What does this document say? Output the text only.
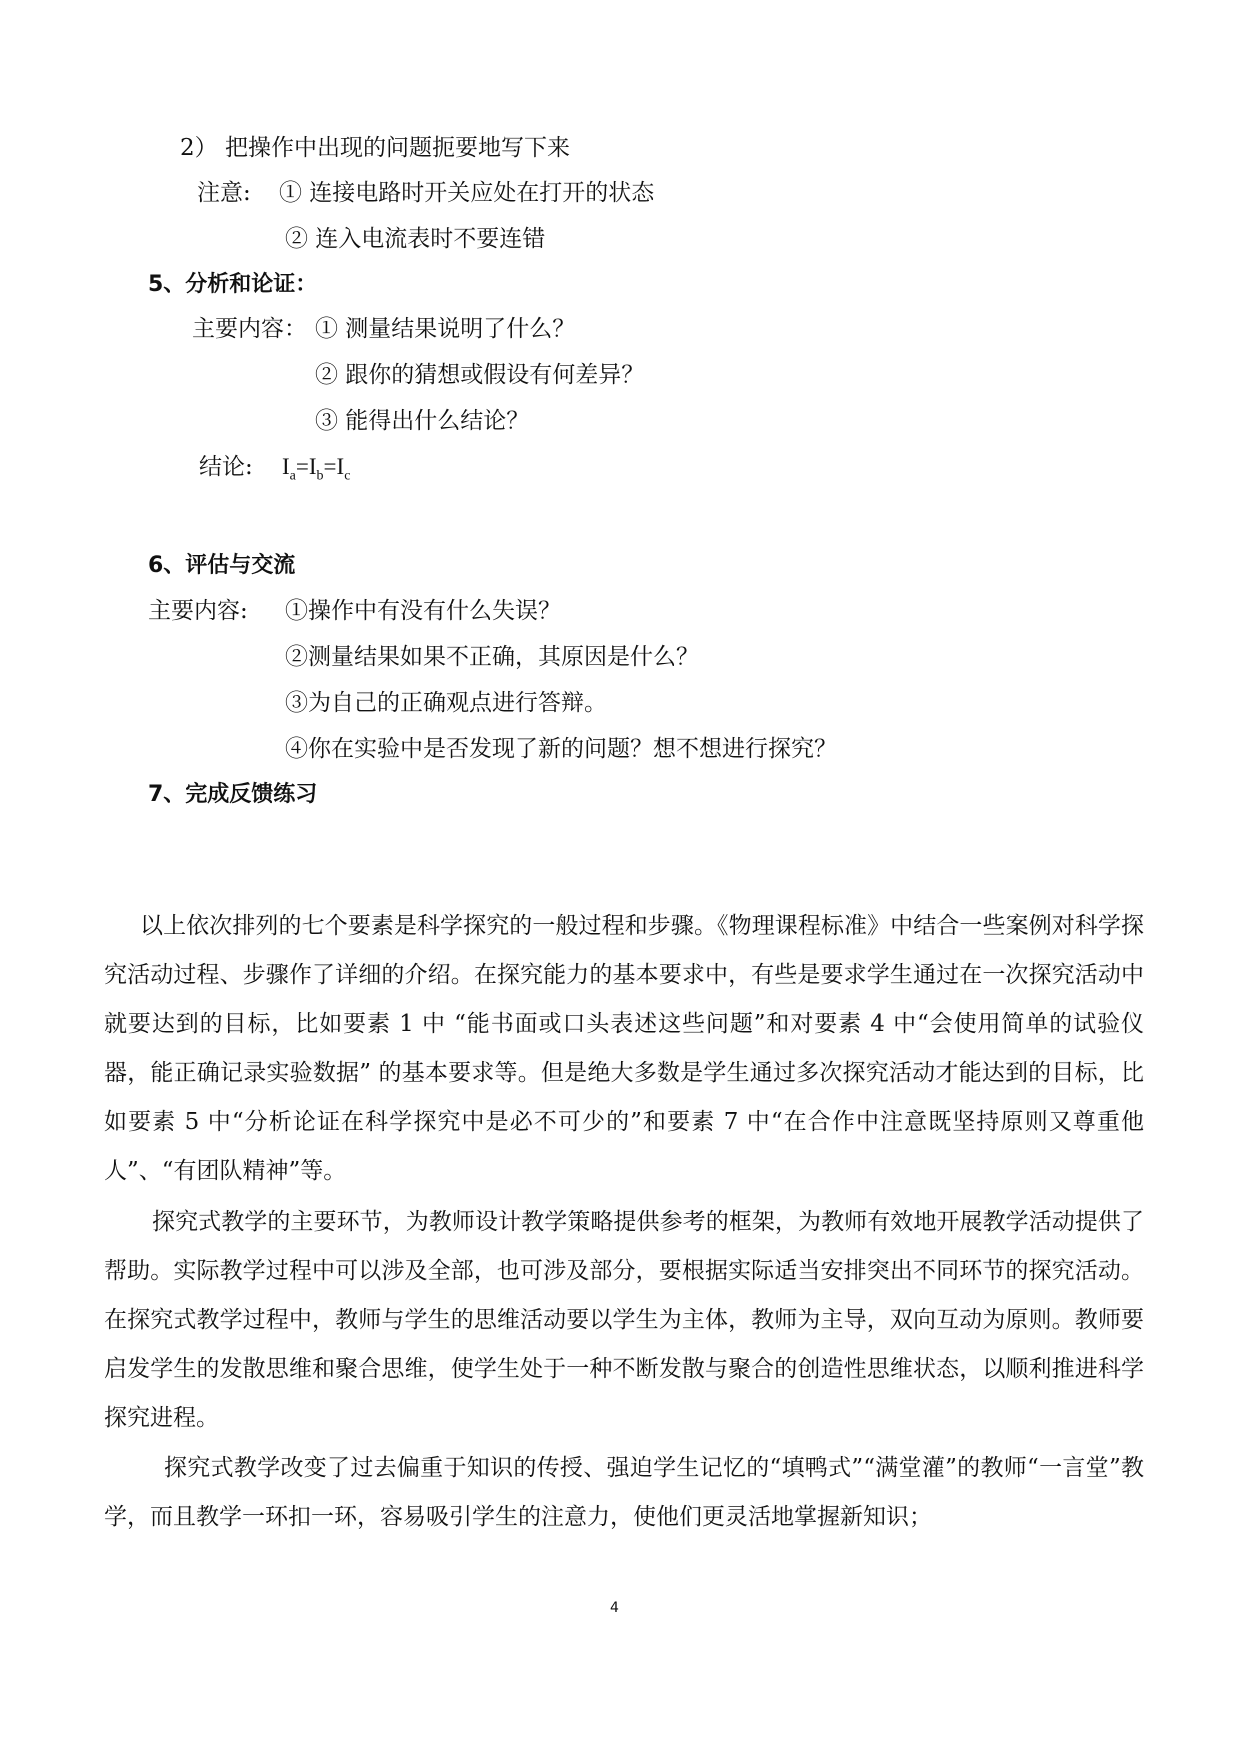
2） 把操作中出现的问题扼要地写下来
注意: ① 连接电路时开关应处在打开的状态
② 连入电流表时不要连错
5、分析和论证：
主要内容： ① 测量结果说明了什么？
② 跟你的猜想或假设有何差异？
③ 能得出什么结论？
结论: $I_a=I_b=I_c$
6、评估与交流
主要内容: ①操作中有没有什么失误？
②测量结果如果不正确，其原因是什么？
③为自己的正确观点进行答辩。
④你在实验中是否发现了新的问题？想不想进行探究？
7、完成反馈练习

以上依次排列的七个要素是科学探究的一般过程和步骤。《物理课程标准》中结合一些案例对科学探究活动过程、步骤作了详细的介绍。在探究能力的基本要求中，有些是要求学生通过在一次探究活动中就要达到的目标，比如要素 1 中 “能书面或口头表述这些问题”和对要素 4 中“会使用简单的试验仪器，能正确记录实验数据” 的基本要求等。但是绝大多数是学生通过多次探究活动才能达到的目标，比如要素 5 中“分析论证在科学探究中是必不可少的”和要素 7 中“在合作中注意既坚持原则又尊重他人”、“有团队精神”等。

探究式教学的主要环节，为教师设计教学策略提供参考的框架，为教师有效地开展教学活动提供了帮助。实际教学过程中可以涉及全部，也可涉及部分，要根据实际适当安排突出不同环节的探究活动。在探究式教学过程中，教师与学生的思维活动要以学生为主体，教师为主导，双向互动为原则。教师要启发学生的发散思维和聚合思维，使学生处于一种不断发散与聚合的创造性思维状态，以顺利推进科学探究进程。

探究式教学改变了过去偏重于知识的传授、强迫学生记忆的“填鸭式”“满堂灌”的教师“一言堂”教学，而且教学一环扣一环，容易吸引学生的注意力，使他们更灵活地掌握新知识；

4
